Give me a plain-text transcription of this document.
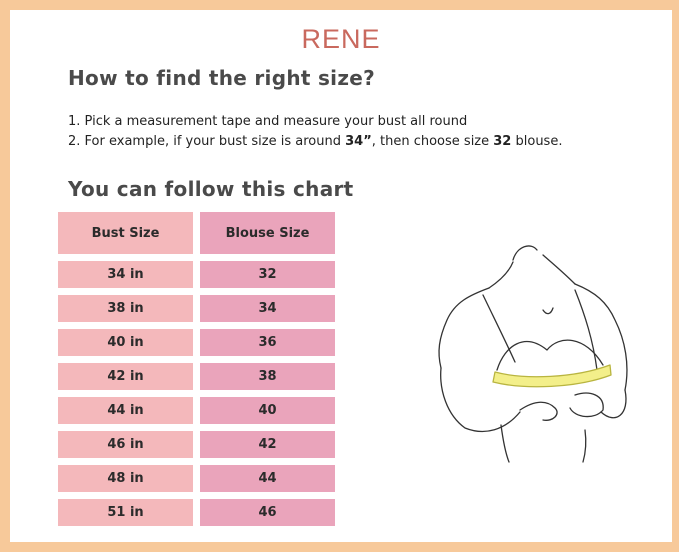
RENE
How to find the right size?
1. Pick a measurement tape and measure your bust all round
2. For example, if your bust size is around 34”, then choose size 32 blouse.
You can follow this chart
Bust Size	Blouse Size
34 in	32
38 in	34
40 in	36
42 in	38
44 in	40
46 in	42
48 in	44
51 in	46
